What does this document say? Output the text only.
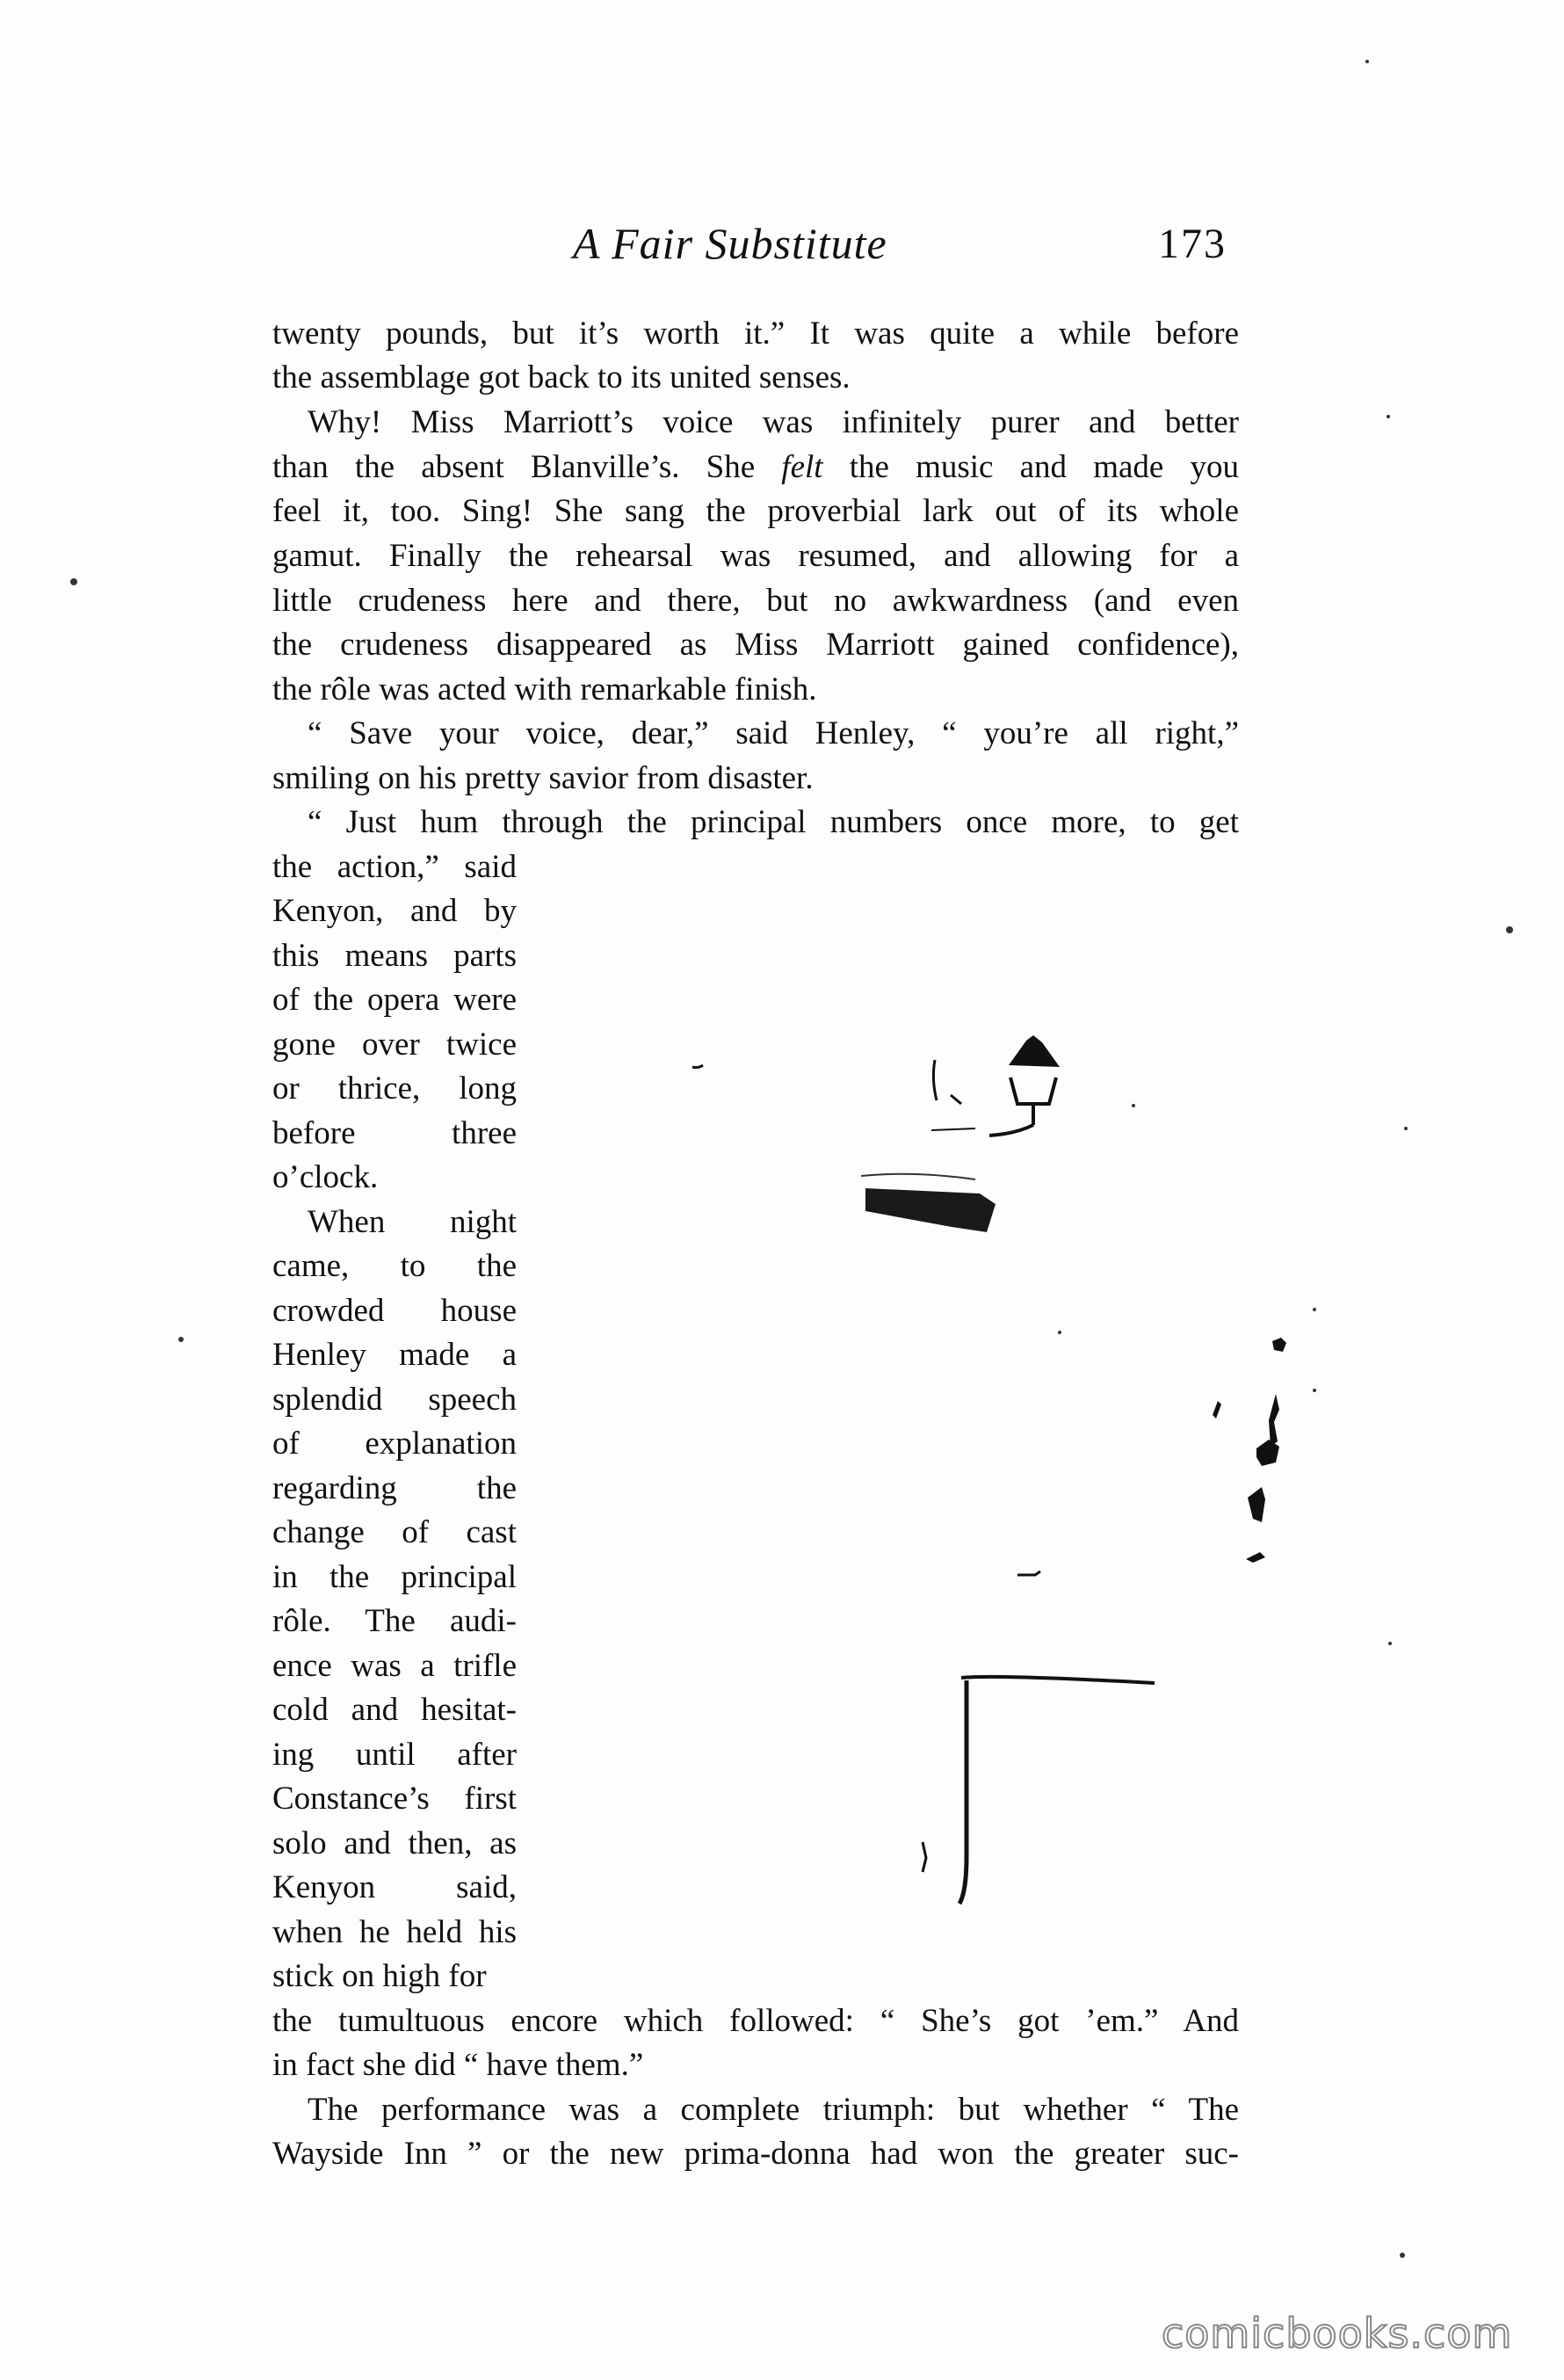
A Fair Substitute	173
twenty pounds, but it’s worth it.” It was quite a while before
the assemblage got back to its united senses.
Why! Miss Marriott’s voice was infinitely purer and better
than the absent Blanville’s. She felt the music and made you
feel it, too. Sing! She sang the proverbial lark out of its whole
gamut. Finally the rehearsal was resumed, and allowing for a
little crudeness here and there, but no awkwardness (and even
the crudeness disappeared as Miss Marriott gained confidence),
the rôle was acted with remarkable finish.
“ Save your voice, dear,” said Henley, “ you’re all right,”
smiling on his pretty savior from disaster.
“ Just hum through the principal numbers once more, to get
the action,” said
Kenyon, and by
this means parts
of the opera were
gone over twice
or thrice, long
before three
o’clock.
When night
came, to the
crowded house
Henley made a
splendid speech
of explanation
regarding the
change of cast
in the principal
rôle. The audi-
ence was a trifle
cold and hesitat-
ing until after
Constance’s first
solo and then, as
Kenyon said,
when he held his
stick on high for
the tumultuous encore which followed: “ She’s got ’em.” And
in fact she did “ have them.”
The performance was a complete triumph: but whether “ The
Wayside Inn ” or the new prima-donna had won the greater suc-
comicbooks.com
